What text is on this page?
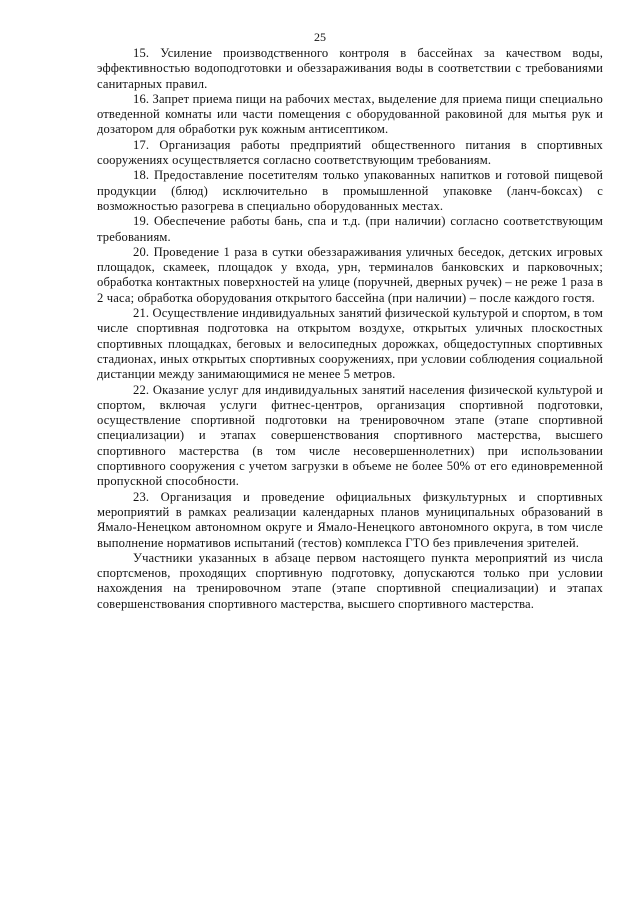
25

15. Усиление производственного контроля в бассейнах за качеством воды, эффективностью водоподготовки и обеззараживания воды в соответствии с требованиями санитарных правил.

16. Запрет приема пищи на рабочих местах, выделение для приема пищи специально отведенной комнаты или части помещения с оборудованной раковиной для мытья рук и дозатором для обработки рук кожным антисептиком.

17. Организация работы предприятий общественного питания в спортивных сооружениях осуществляется согласно соответствующим требованиям.

18. Предоставление посетителям только упакованных напитков и готовой пищевой продукции (блюд) исключительно в промышленной упаковке (ланч-боксах) с возможностью разогрева в специально оборудованных местах.

19. Обеспечение работы бань, спа и т.д. (при наличии) согласно соответствующим требованиям.

20. Проведение 1 раза в сутки обеззараживания уличных беседок, детских игровых площадок, скамеек, площадок у входа, урн, терминалов банковских и парковочных; обработка контактных поверхностей на улице (поручней, дверных ручек) – не реже 1 раза в 2 часа; обработка оборудования открытого бассейна (при наличии) – после каждого гостя.

21. Осуществление индивидуальных занятий физической культурой и спортом, в том числе спортивная подготовка на открытом воздухе, открытых уличных плоскостных спортивных площадках, беговых и велосипедных дорожках, общедоступных спортивных стадионах, иных открытых спортивных сооружениях, при условии соблюдения социальной дистанции между занимающимися не менее 5 метров.

22. Оказание услуг для индивидуальных занятий населения физической культурой и спортом, включая услуги фитнес-центров, организация спортивной подготовки, осуществление спортивной подготовки на тренировочном этапе (этапе спортивной специализации) и этапах совершенствования спортивного мастерства, высшего спортивного мастерства (в том числе несовершеннолетних) при использовании спортивного сооружения с учетом загрузки в объеме не более 50% от его единовременной пропускной способности.

23. Организация и проведение официальных физкультурных и спортивных мероприятий в рамках реализации календарных планов муниципальных образований в Ямало-Ненецком автономном округе и Ямало-Ненецкого автономного округа, в том числе выполнение нормативов испытаний (тестов) комплекса ГТО без привлечения зрителей.

Участники указанных в абзаце первом настоящего пункта мероприятий из числа спортсменов, проходящих спортивную подготовку, допускаются только при условии нахождения на тренировочном этапе (этапе спортивной специализации) и этапах совершенствования спортивного мастерства, высшего спортивного мастерства.
